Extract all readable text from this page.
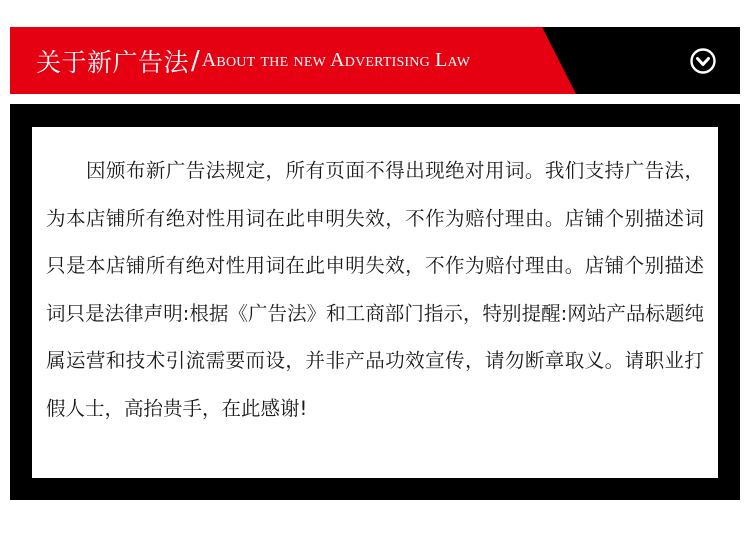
关于新广告法 / About the new Advertising Law

因颁布新广告法规定，所有页面不得出现绝对用词。我们支持广告法，为本店铺所有绝对性用词在此申明失效，不作为赔付理由。店铺个别描述词只是本店铺所有绝对性用词在此申明失效，不作为赔付理由。店铺个别描述词只是法律声明:根据《广告法》和工商部门指示，特别提醒:网站产品标题纯属运营和技术引流需要而设，并非产品功效宣传，请勿断章取义。请职业打假人士，高抬贵手，在此感谢!
